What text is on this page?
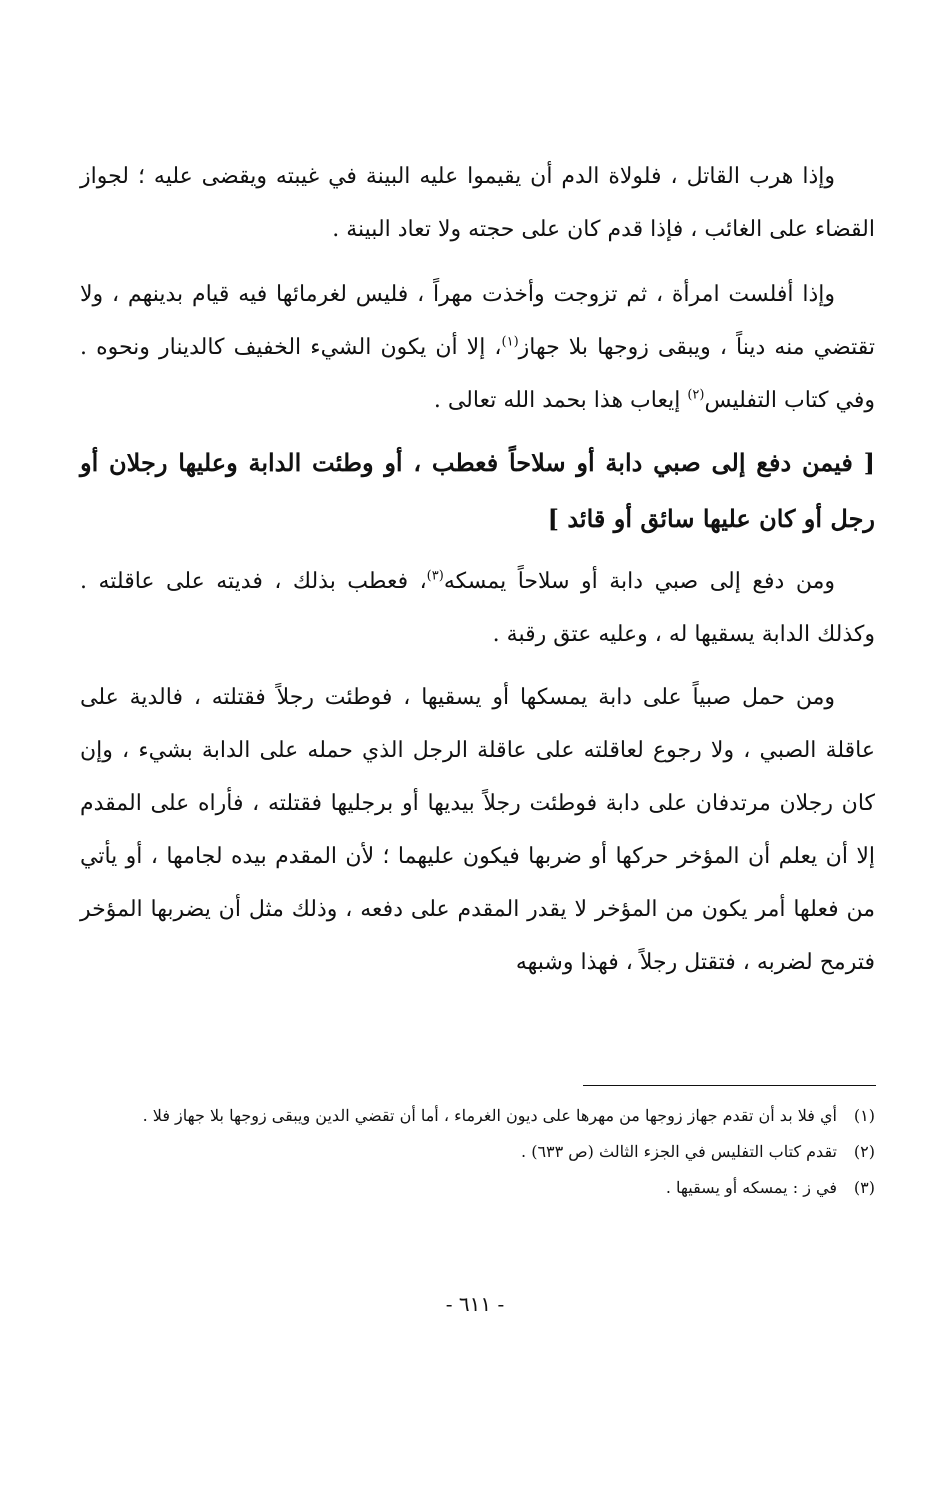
وإذا هرب القاتل ، فلولاة الدم أن يقيموا عليه البينة في غيبته ويقضى عليه ؛ لجواز القضاء على الغائب ، فإذا قدم كان على حجته ولا تعاد البينة .

وإذا أفلست امرأة ، ثم تزوجت وأخذت مهراً ، فليس لغرمائها فيه قيام بدينهم ، ولا تقتضي منه ديناً ، ويبقى زوجها بلا جهاز$^{(١)}$، إلا أن يكون الشيء الخفيف كالدينار ونحوه . وفي كتاب التفليس$^{(٢)}$ إيعاب هذا بحمد الله تعالى .

[ فيمن دفع إلى صبي دابة أو سلاحاً فعطب ، أو وطئت الدابة وعليها رجلان أو رجل أو كان عليها سائق أو قائد ]

ومن دفع إلى صبي دابة أو سلاحاً يمسكه$^{(٣)}$، فعطب بذلك ، فديته على عاقلته . وكذلك الدابة يسقيها له ، وعليه عتق رقبة .

ومن حمل صبياً على دابة يمسكها أو يسقيها ، فوطئت رجلاً فقتلته ، فالدية على عاقلة الصبي ، ولا رجوع لعاقلته على عاقلة الرجل الذي حمله على الدابة بشيء ، وإن كان رجلان مرتدفان على دابة فوطئت رجلاً بيديها أو برجليها فقتلته ، فأراه على المقدم إلا أن يعلم أن المؤخر حركها أو ضربها فيكون عليهما ؛ لأن المقدم بيده لجامها ، أو يأتي من فعلها أمر يكون من المؤخر لا يقدر المقدم على دفعه ، وذلك مثل أن يضربها المؤخر فترمح لضربه ، فتقتل رجلاً ، فهذا وشبهه

(١)
أي فلا بد أن تقدم جهاز زوجها من مهرها على ديون الغرماء ، أما أن تقضي الدين ويبقى زوجها بلا جهاز فلا .

(٢)
تقدم كتاب التفليس في الجزء الثالث (ص ٦٣٣) .

(٣)
في ز : يمسكه أو يسقيها .

- ٦١١ -
